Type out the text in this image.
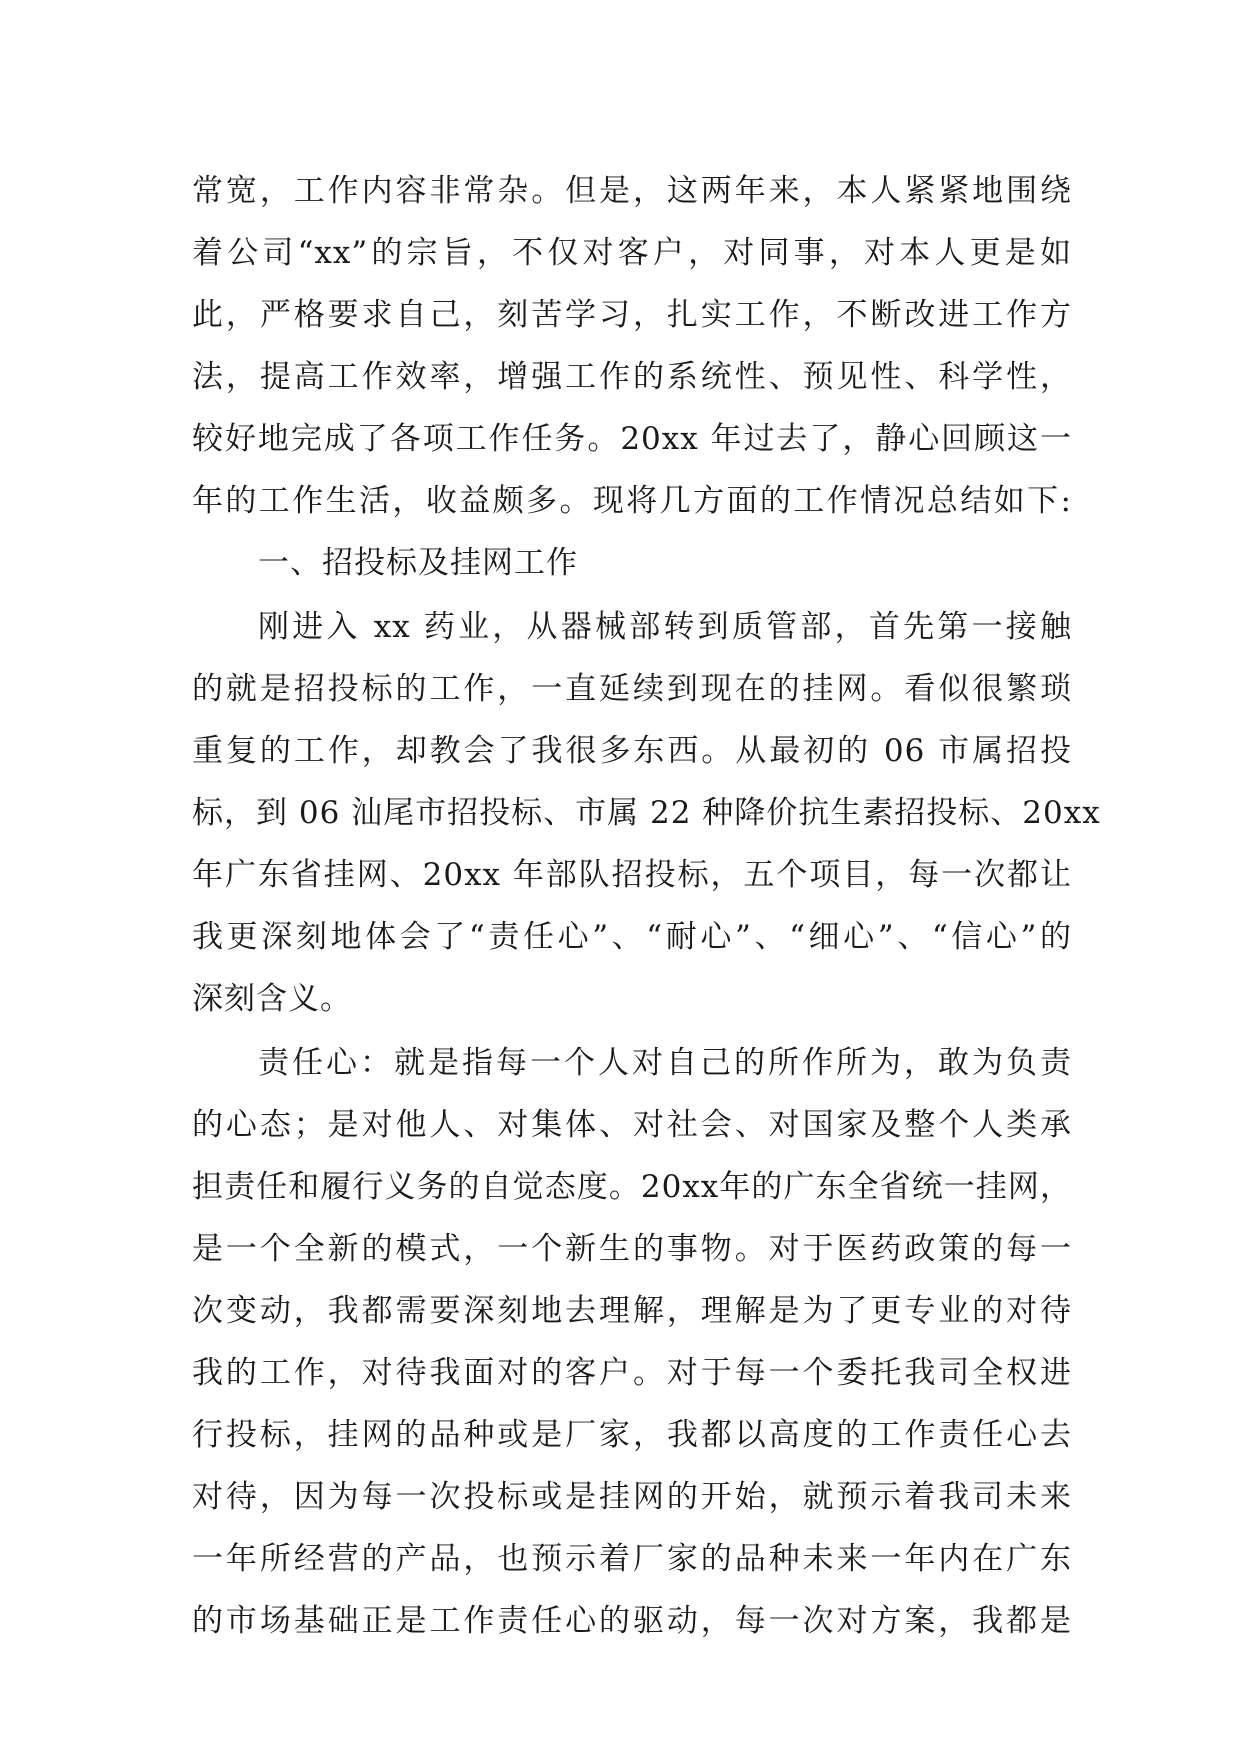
常宽，工作内容非常杂。但是，这两年来，本人紧紧地围绕
着公司“xx”的宗旨，不仅对客户，对同事，对本人更是如
此，严格要求自己，刻苦学习，扎实工作，不断改进工作方
法，提高工作效率，增强工作的系统性、预见性、科学性，
较好地完成了各项工作任务。20xx 年过去了，静心回顾这一
年的工作生活，收益颇多。现将几方面的工作情况总结如下:
一、招投标及挂网工作
刚进入 xx 药业，从器械部转到质管部，首先第一接触
的就是招投标的工作，一直延续到现在的挂网。看似很繁琐
重复的工作，却教会了我很多东西。从最初的 06 市属招投
标，到 06 汕尾市招投标、市属 22 种降价抗生素招投标、20xx
年广东省挂网、20xx 年部队招投标，五个项目，每一次都让
我更深刻地体会了“责任心”、“耐心”、“细心”、“信心”的
深刻含义。
责任心：就是指每一个人对自己的所作所为，敢为负责
的心态；是对他人、对集体、对社会、对国家及整个人类承
担责任和履行义务的自觉态度。20xx年的广东全省统一挂网，
是一个全新的模式，一个新生的事物。对于医药政策的每一
次变动，我都需要深刻地去理解，理解是为了更专业的对待
我的工作，对待我面对的客户。对于每一个委托我司全权进
行投标，挂网的品种或是厂家，我都以高度的工作责任心去
对待，因为每一次投标或是挂网的开始，就预示着我司未来
一年所经营的产品，也预示着厂家的品种未来一年内在广东
的市场基础正是工作责任心的驱动，每一次对方案，我都是
